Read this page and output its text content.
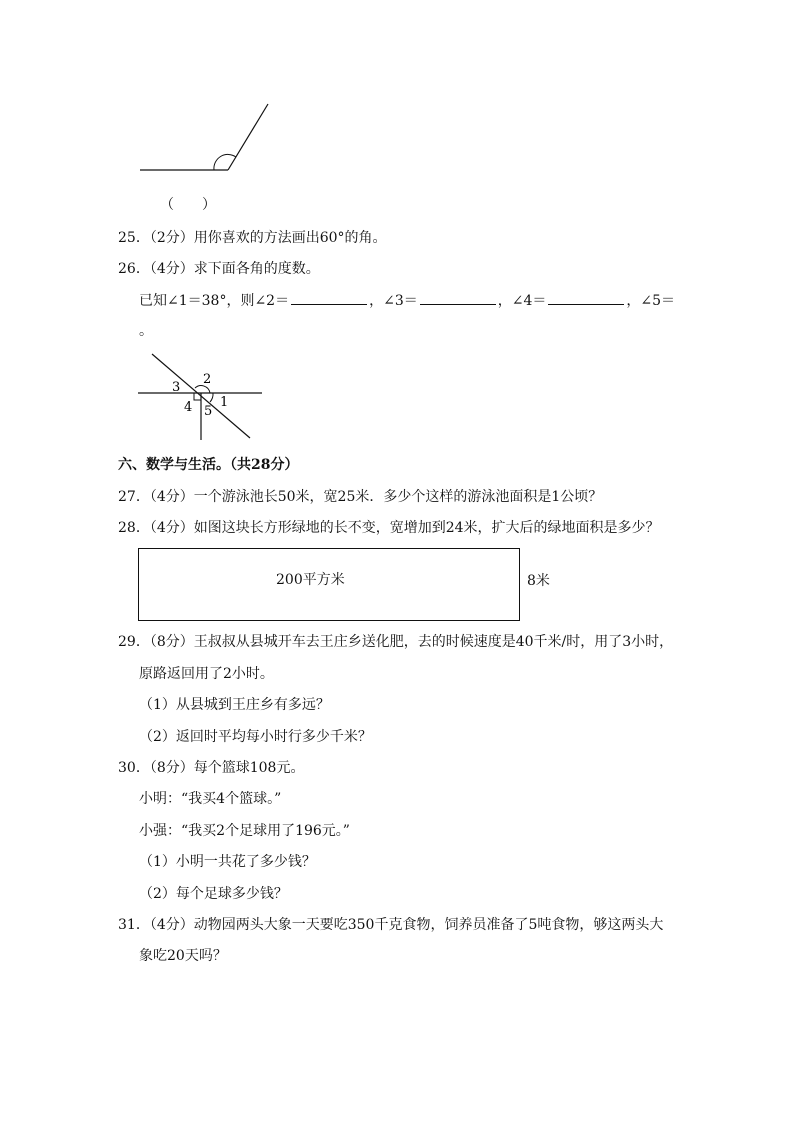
（　　）
25．（2分）用你喜欢的方法画出60°的角。
26．（4分）求下面各角的度数。
已知∠1＝38°，则∠2＝	，∠3＝	，∠4＝	，∠5＝
。
3
2
4 1
5
六、数学与生活。（共28分）
27．（4分）一个游泳池长50米，宽25米．多少个这样的游泳池面积是1公顷？
28．（4分）如图这块长方形绿地的长不变，宽增加到24米，扩大后的绿地面积是多少？
200平方米	8米
29．（8分）王叔叔从县城开车去王庄乡送化肥，去的时候速度是40千米/时，用了3小时，
原路返回用了2小时。
（1）从县城到王庄乡有多远？
（2）返回时平均每小时行多少千米？
30．（8分）每个篮球108元。
小明：“我买4个篮球。”
小强：“我买2个足球用了196元。”
（1）小明一共花了多少钱？
（2）每个足球多少钱？
31．（4分）动物园两头大象一天要吃350千克食物，饲养员准备了5吨食物，够这两头大
象吃20天吗？
